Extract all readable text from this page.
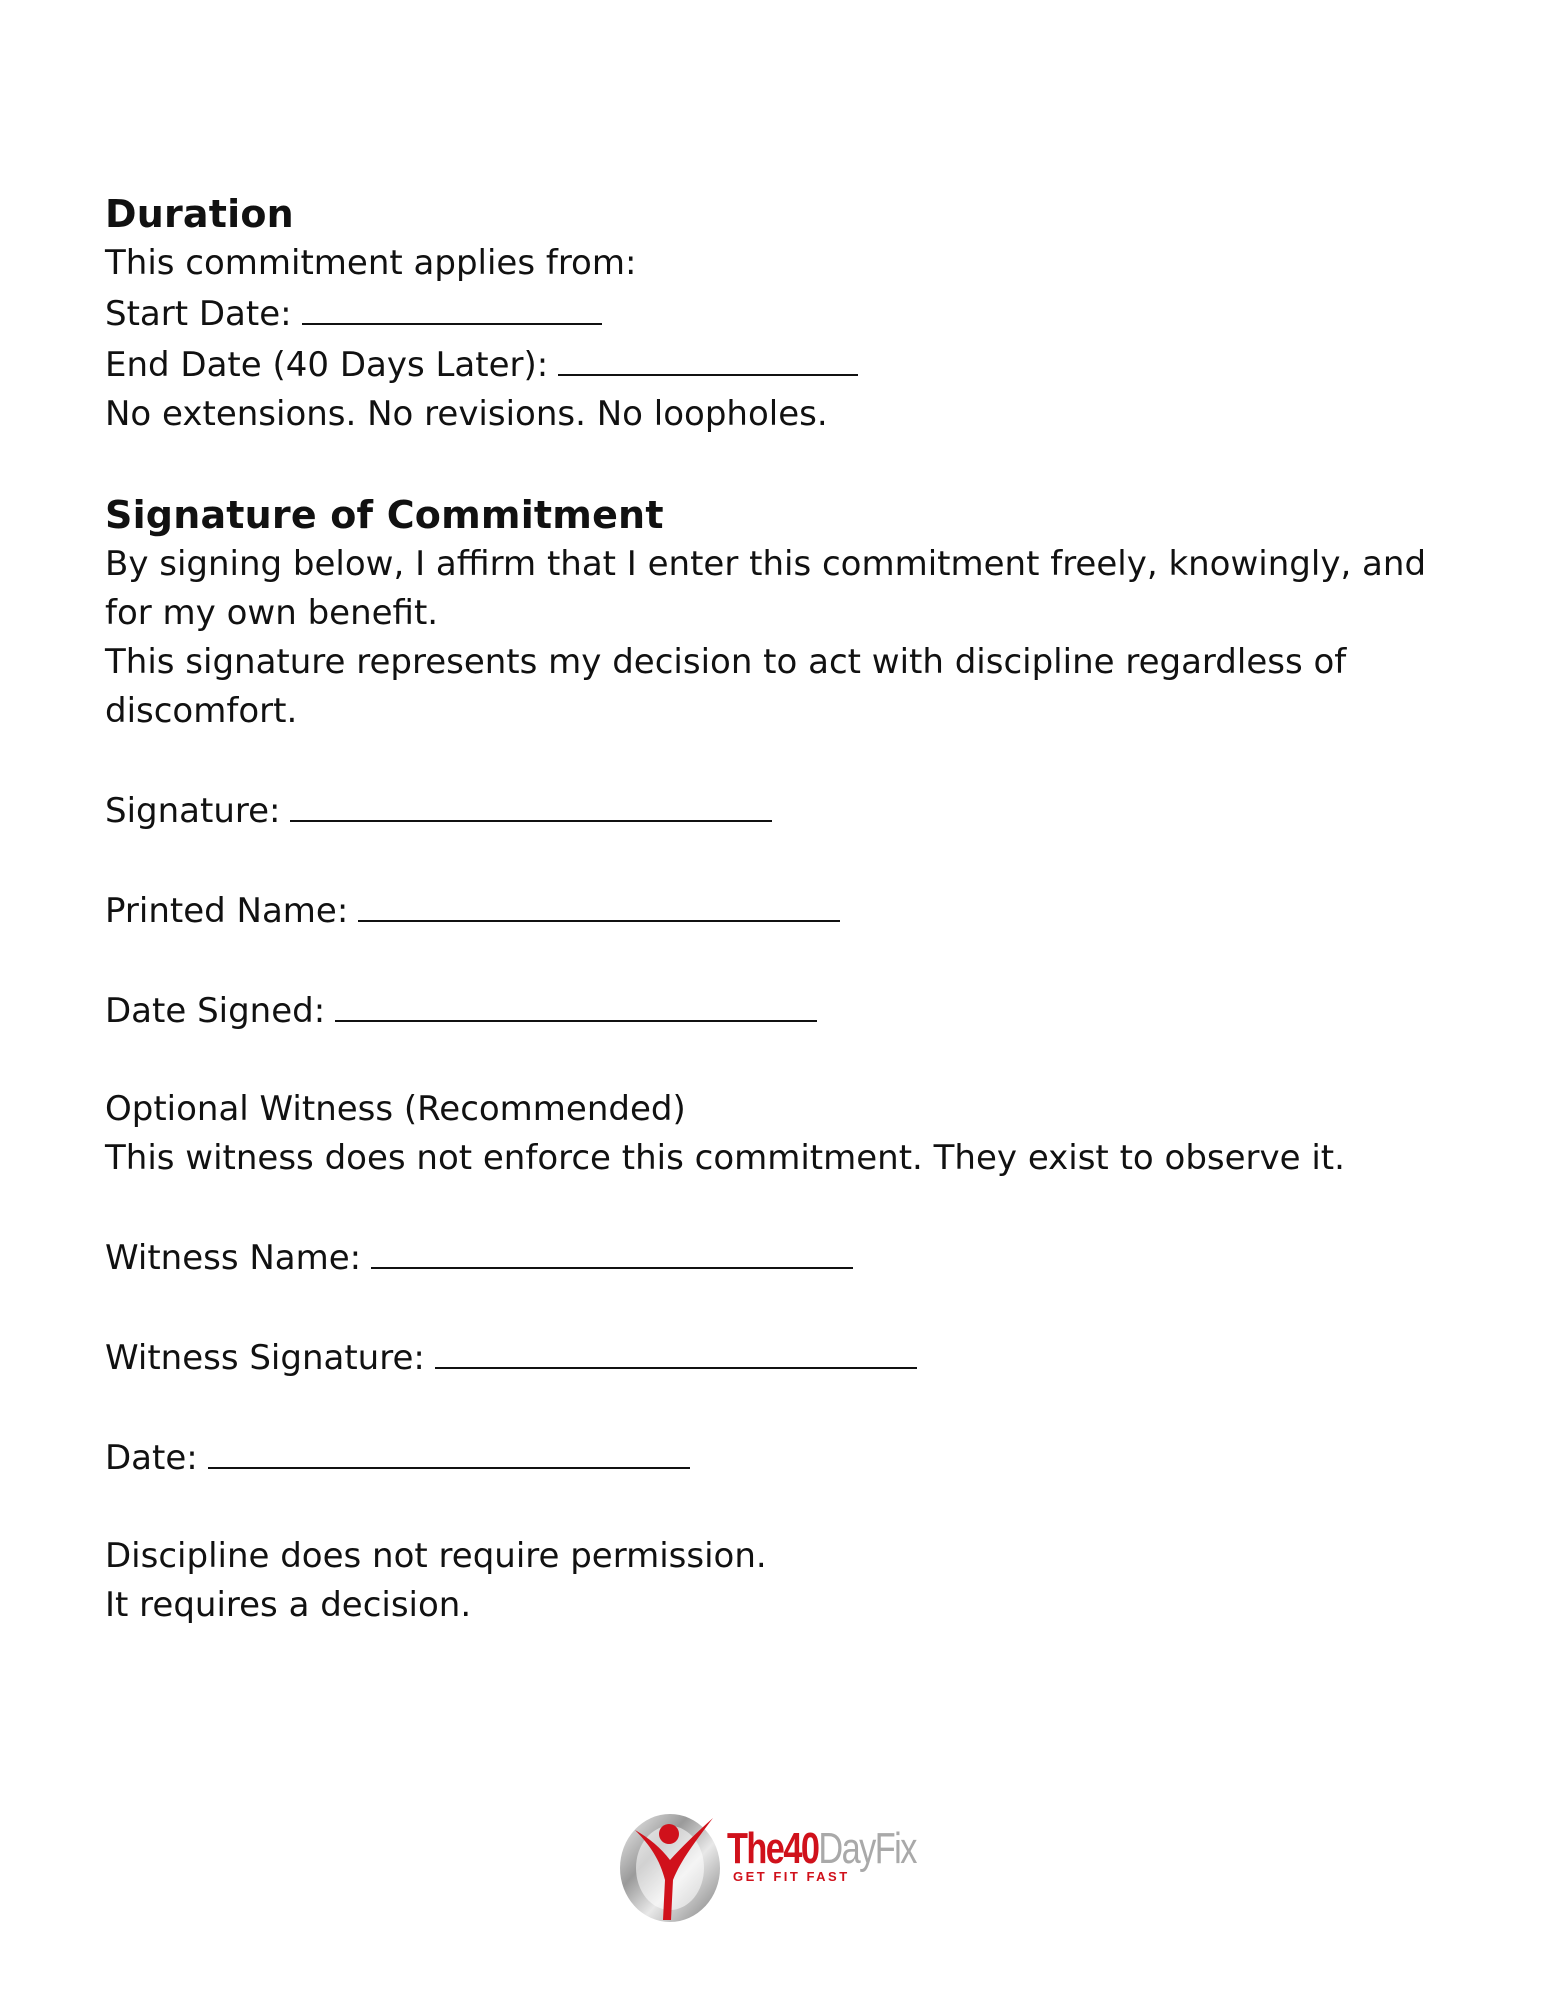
Duration

This commitment applies from:

Start Date:

End Date (40 Days Later):

No extensions. No revisions. No loopholes.

Signature of Commitment

By signing below, I affirm that I enter this commitment freely, knowingly, and

for my own benefit.

This signature represents my decision to act with discipline regardless of

discomfort.

Signature:

Printed Name:

Date Signed:

Optional Witness (Recommended)

This witness does not enforce this commitment. They exist to observe it.

Witness Name:

Witness Signature:

Date:

Discipline does not require permission.

It requires a decision.

The40DayFix
GET FIT FAST
